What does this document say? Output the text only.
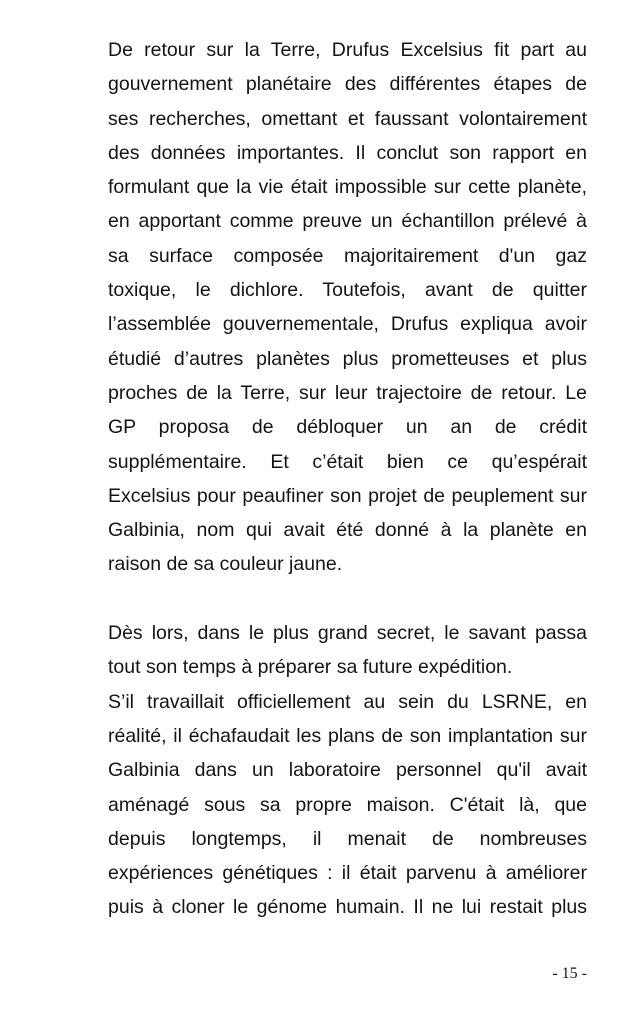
De retour sur la Terre, Drufus Excelsius fit part au
gouvernement planétaire des différentes étapes de
ses recherches, omettant et faussant volontairement
des données importantes. Il conclut son rapport en
formulant que la vie était impossible sur cette planète,
en apportant comme preuve un échantillon prélevé à
sa surface composée majoritairement d'un gaz
toxique, le dichlore. Toutefois, avant de quitter
l’assemblée gouvernementale, Drufus expliqua avoir
étudié d’autres planètes plus prometteuses et plus
proches de la Terre, sur leur trajectoire de retour. Le
GP proposa de débloquer un an de crédit
supplémentaire. Et c’était bien ce qu’espérait
Excelsius pour peaufiner son projet de peuplement sur
Galbinia, nom qui avait été donné à la planète en
raison de sa couleur jaune.
Dès lors, dans le plus grand secret, le savant passa
tout son temps à préparer sa future expédition.
S’il travaillait officiellement au sein du LSRNE, en
réalité, il échafaudait les plans de son implantation sur
Galbinia dans un laboratoire personnel qu'il avait
aménagé sous sa propre maison. C'était là, que
depuis longtemps, il menait de nombreuses
expériences génétiques : il était parvenu à améliorer
puis à cloner le génome humain. Il ne lui restait plus
- 15 -
